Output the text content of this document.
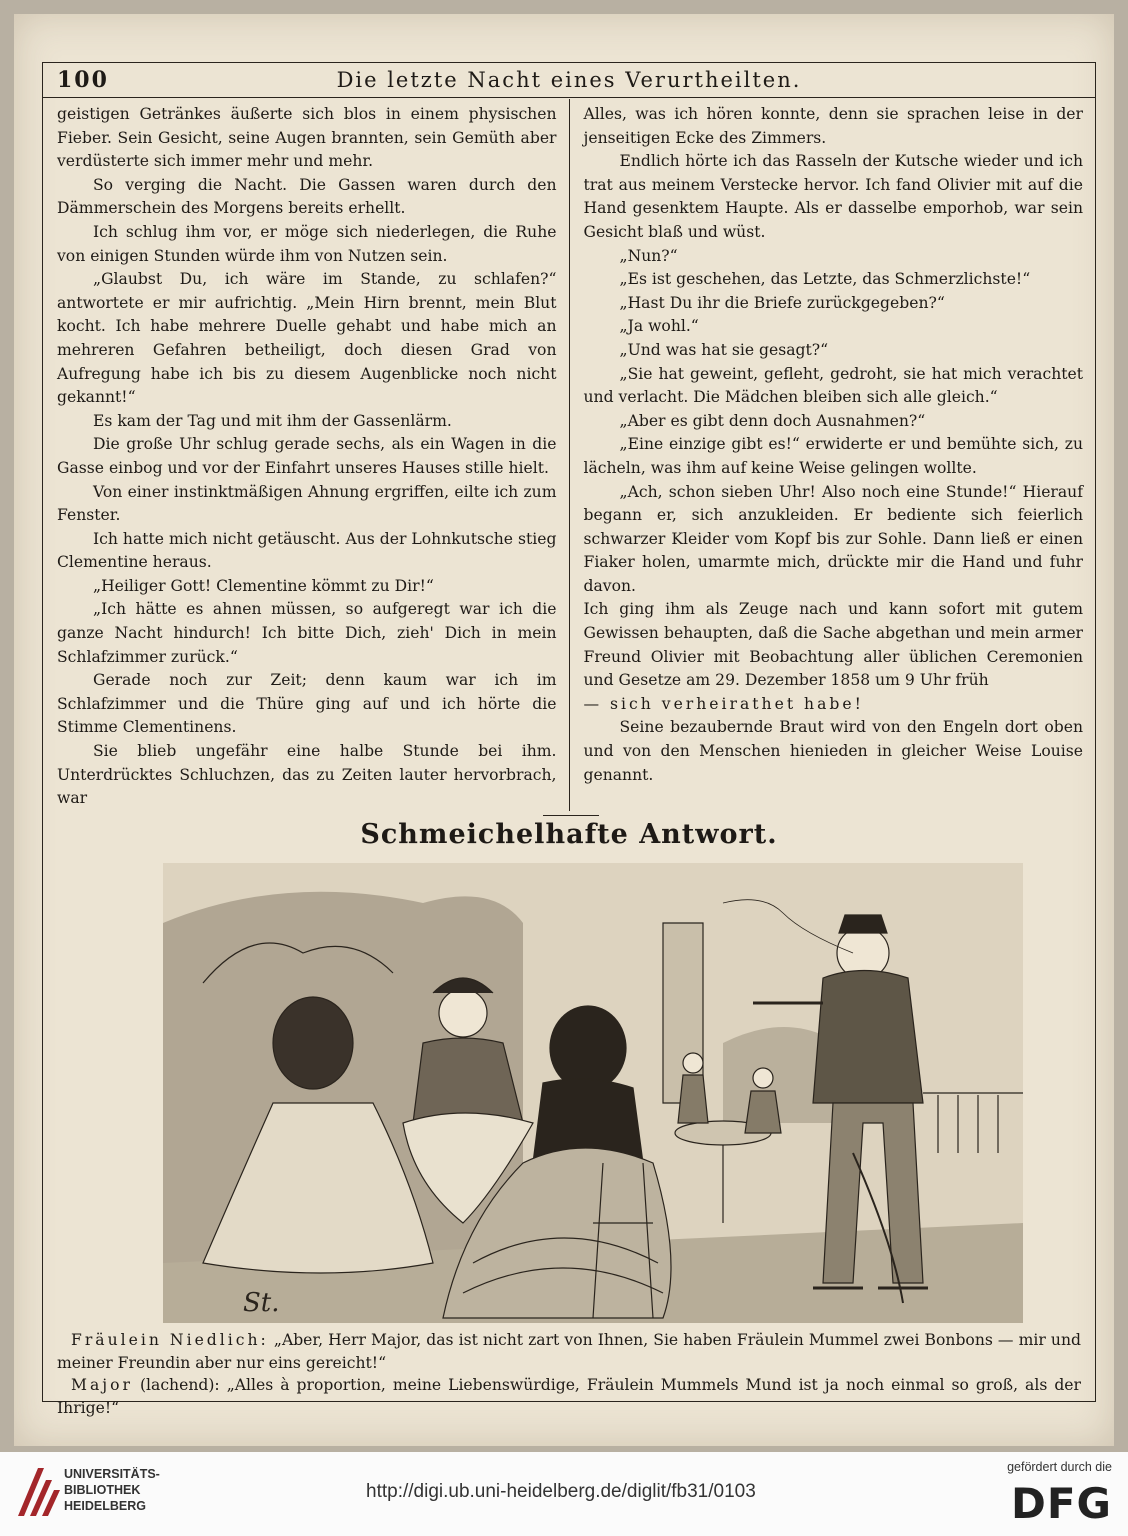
100	Die letzte Nacht eines Verurtheilten.

geistigen Getränkes äußerte sich blos in einem physischen Fieber. Sein Gesicht, seine Augen brannten, sein Gemüth aber verdüsterte sich immer mehr und mehr.

So verging die Nacht. Die Gassen waren durch den Dämmerschein des Morgens bereits erhellt.

Ich schlug ihm vor, er möge sich niederlegen, die Ruhe von einigen Stunden würde ihm von Nutzen sein.

„Glaubst Du, ich wäre im Stande, zu schlafen?“ antwortete er mir aufrichtig. „Mein Hirn brennt, mein Blut kocht. Ich habe mehrere Duelle gehabt und habe mich an mehreren Gefahren betheiligt, doch diesen Grad von Aufregung habe ich bis zu diesem Augenblicke noch nicht gekannt!“

Es kam der Tag und mit ihm der Gassenlärm.

Die große Uhr schlug gerade sechs, als ein Wagen in die Gasse einbog und vor der Einfahrt unseres Hauses stille hielt.

Von einer instinktmäßigen Ahnung ergriffen, eilte ich zum Fenster.

Ich hatte mich nicht getäuscht. Aus der Lohnkutsche stieg Clementine heraus.

„Heiliger Gott! Clementine kömmt zu Dir!“

„Ich hätte es ahnen müssen, so aufgeregt war ich die ganze Nacht hindurch! Ich bitte Dich, zieh' Dich in mein Schlafzimmer zurück.“

Gerade noch zur Zeit; denn kaum war ich im Schlafzimmer und die Thüre ging auf und ich hörte die Stimme Clementinens.

Sie blieb ungefähr eine halbe Stunde bei ihm. Unterdrücktes Schluchzen, das zu Zeiten lauter hervorbrach, war

Alles, was ich hören konnte, denn sie sprachen leise in der jenseitigen Ecke des Zimmers.

Endlich hörte ich das Rasseln der Kutsche wieder und ich trat aus meinem Verstecke hervor. Ich fand Olivier mit auf die Hand gesenktem Haupte. Als er dasselbe emporhob, war sein Gesicht blaß und wüst.

„Nun?“

„Es ist geschehen, das Letzte, das Schmerzlichste!“

„Hast Du ihr die Briefe zurückgegeben?“

„Ja wohl.“

„Und was hat sie gesagt?“

„Sie hat geweint, gefleht, gedroht, sie hat mich verachtet und verlacht. Die Mädchen bleiben sich alle gleich.“

„Aber es gibt denn doch Ausnahmen?“

„Eine einzige gibt es!“ erwiderte er und bemühte sich, zu lächeln, was ihm auf keine Weise gelingen wollte.

„Ach, schon sieben Uhr! Also noch eine Stunde!“ Hierauf begann er, sich anzukleiden. Er bediente sich feierlich schwarzer Kleider vom Kopf bis zur Sohle. Dann ließ er einen Fiaker holen, umarmte mich, drückte mir die Hand und fuhr davon.

Ich ging ihm als Zeuge nach und kann sofort mit gutem Gewissen behaupten, daß die Sache abgethan und mein armer Freund Olivier mit Beobachtung aller üblichen Ceremonien und Gesetze am 29. Dezember 1858 um 9 Uhr früh

— sich verheirathet habe!

Seine bezaubernde Braut wird von den Engeln dort oben und von den Menschen hienieden in gleicher Weise Louise genannt.

Schmeichelhafte Antwort.
St.

Fräulein Niedlich: „Aber, Herr Major, das ist nicht zart von Ihnen, Sie haben Fräulein Mummel zwei Bonbons — mir und meiner Freundin aber nur eins gereicht!“

Major (lachend): „Alles à proportion, meine Liebenswürdige, Fräulein Mummels Mund ist ja noch einmal so groß, als der Ihrige!“

UNIVERSITÄTS-
BIBLIOTHEK
HEIDELBERG
http://digi.ub.uni-heidelberg.de/diglit/fb31/0103
gefördert durch die
DFG
